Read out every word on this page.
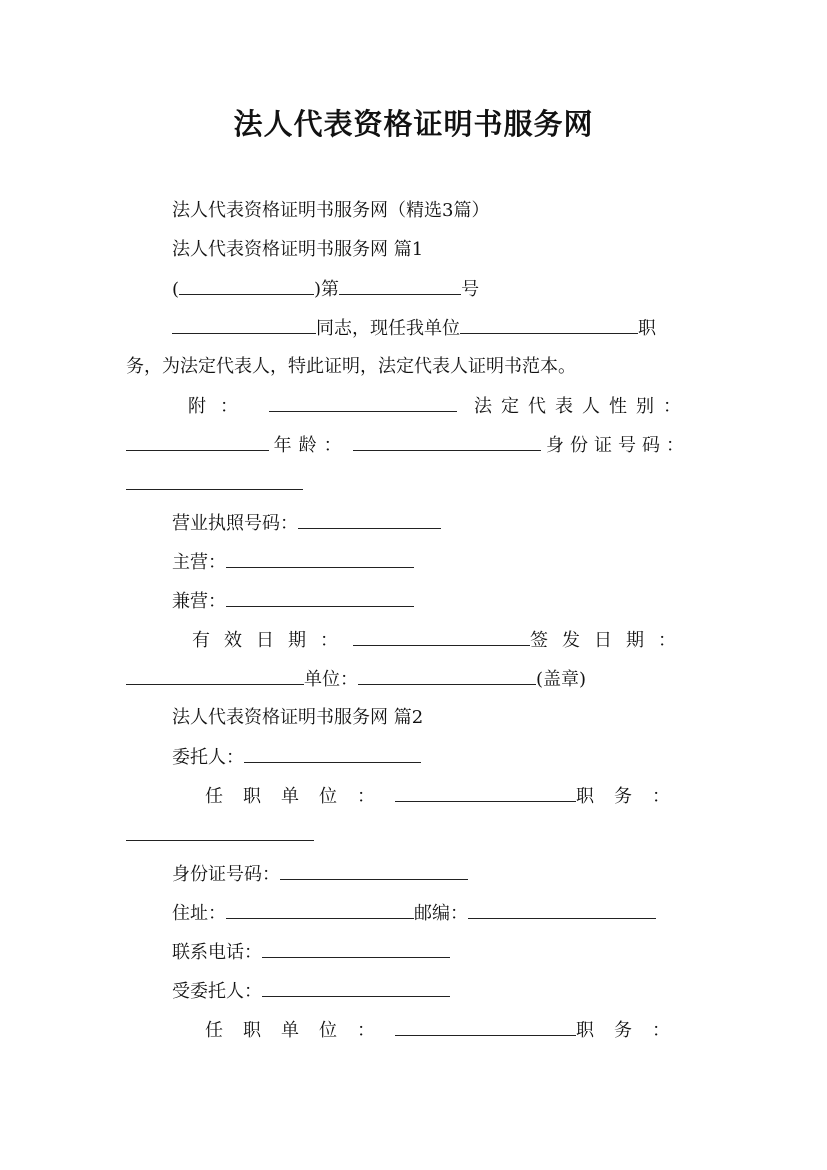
法人代表资格证明书服务网
法人代表资格证明书服务网（精选3篇）
法人代表资格证明书服务网 篇1
(	)第	号
同志，现任我单位	职
务，为法定代表人，特此证明，法定代表人证明书范本。
附：	法定代表人性别：
年龄：	身份证号码：
营业执照号码：
主营：
兼营：
有效日期：	签发日期：
单位：	(盖章)
法人代表资格证明书服务网 篇2
委托人：
任职单位：	职务：
身份证号码：
住址：	邮编：
联系电话：
受委托人：
任职单位：	职务：
